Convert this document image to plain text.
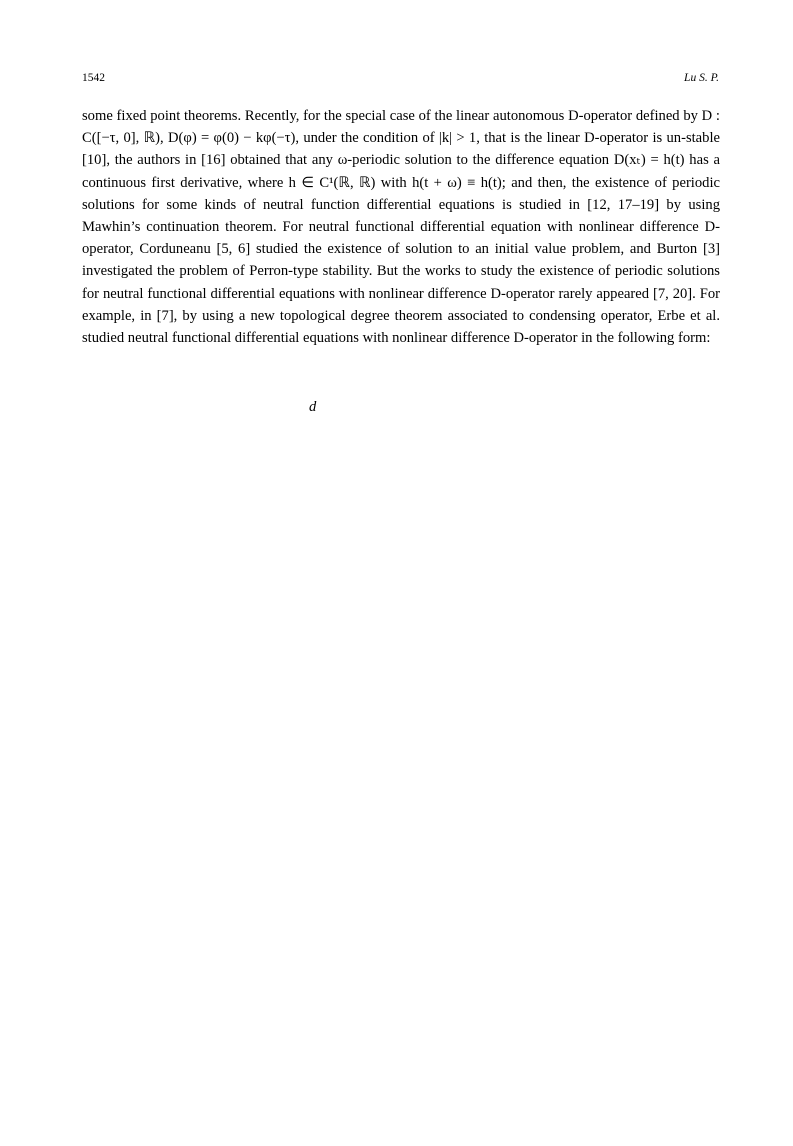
1542	Lu S. P.

some fixed point theorems. Recently, for the special case of the linear autonomous D-operator defined by D : C([−τ, 0], ℝ), D(φ) = φ(0) − kφ(−τ), under the condition of |k| > 1, that is the linear D-operator is un-stable [10], the authors in [16] obtained that any ω-periodic solution to the difference equation D(xₜ) = h(t) has a continuous first derivative, where h ∈ C¹(ℝ, ℝ) with h(t + ω) ≡ h(t); and then, the existence of periodic solutions for some kinds of neutral function differential equations is studied in [12, 17–19] by using Mawhin’s continuation theorem. For neutral functional differential equation with nonlinear difference D-operator, Corduneanu [5, 6] studied the existence of solution to an initial value problem, and Burton [3] investigated the problem of Perron-type stability. But the works to study the existence of periodic solutions for neutral functional differential equations with nonlinear difference D-operator rarely appeared [7, 20]. For example, in [7], by using a new topological degree theorem associated to condensing operator, Erbe et al. studied neutral functional differential equations with nonlinear difference D-operator in the following form:

d
